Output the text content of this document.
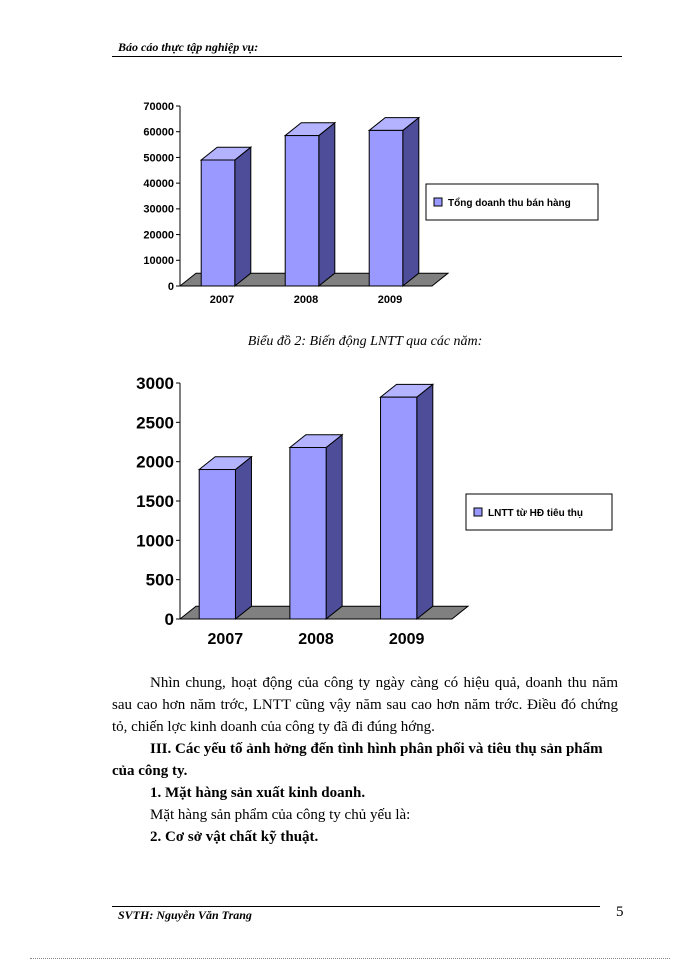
Báo cáo thực tập nghiệp vụ:
0
10000
20000
30000
40000
50000
60000
70000
2007	2008	2009
Tổng doanh thu bán hàng
Biểu đồ 2: Biến động LNTT qua các năm:
0
500
1000
1500
2000
2500
3000
2007	2008	2009
LNTT từ HĐ tiêu thụ

Nhìn chung, hoạt động của công ty ngày càng có hiệu quả, doanh thu năm sau cao hơn năm trớc, LNTT cũng vậy năm sau cao hơn năm trớc. Điều đó chứng tỏ, chiến lợc kinh doanh của công ty đã đi đúng hớng.

III. Các yếu tố ảnh hởng đến tình hình phân phối và tiêu thụ sản phẩm của công ty.

1. Mặt hàng sản xuất kinh doanh.

Mặt hàng sản phẩm của công ty chủ yếu là:

2. Cơ sở vật chất kỹ thuật.

SVTH: Nguyễn Văn Trang	5
